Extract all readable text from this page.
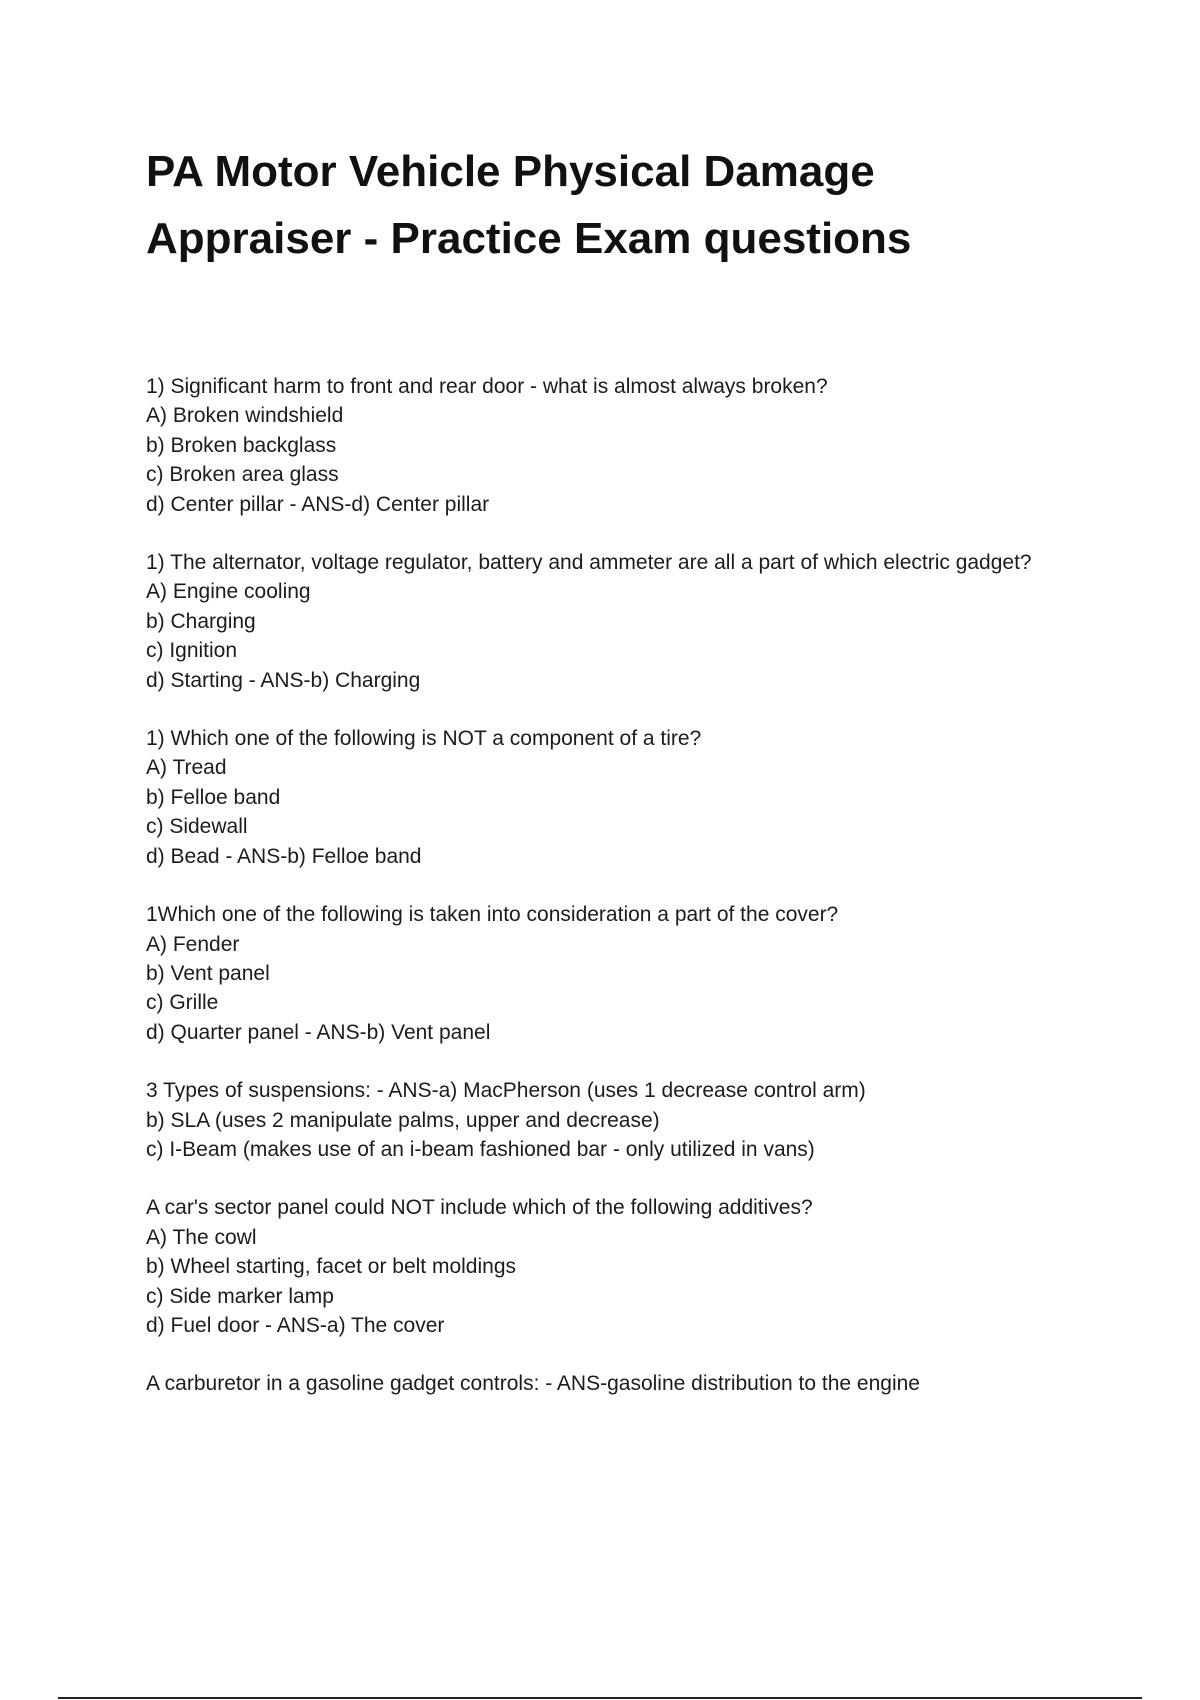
PA Motor Vehicle Physical Damage
Appraiser - Practice Exam questions
1) Significant harm to front and rear door - what is almost always broken?
A) Broken windshield
b) Broken backglass
c) Broken area glass
d) Center pillar - ANS-d) Center pillar
1) The alternator, voltage regulator, battery and ammeter are all a part of which electric gadget?
A) Engine cooling
b) Charging
c) Ignition
d) Starting - ANS-b) Charging
1) Which one of the following is NOT a component of a tire?
A) Tread
b) Felloe band
c) Sidewall
d) Bead - ANS-b) Felloe band
1Which one of the following is taken into consideration a part of the cover?
A) Fender
b) Vent panel
c) Grille
d) Quarter panel - ANS-b) Vent panel
3 Types of suspensions: - ANS-a) MacPherson (uses 1 decrease control arm)
b) SLA (uses 2 manipulate palms, upper and decrease)
c) I-Beam (makes use of an i-beam fashioned bar - only utilized in vans)
A car's sector panel could NOT include which of the following additives?
A) The cowl
b) Wheel starting, facet or belt moldings
c) Side marker lamp
d) Fuel door - ANS-a) The cover
A carburetor in a gasoline gadget controls: - ANS-gasoline distribution to the engine
